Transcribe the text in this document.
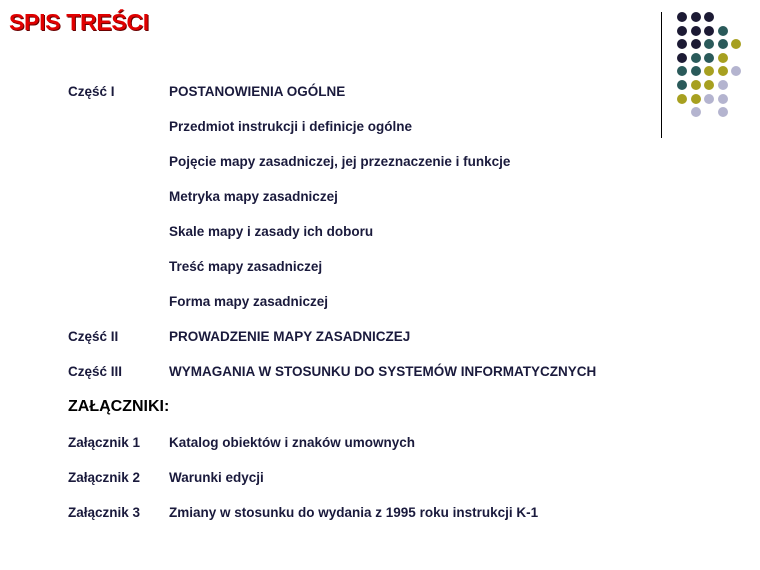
SPIS TREŚCI
Część I	POSTANOWIENIA OGÓLNE
Przedmiot instrukcji i definicje ogólne
Pojęcie mapy zasadniczej, jej przeznaczenie i funkcje
Metryka mapy zasadniczej
Skale mapy i zasady ich doboru
Treść mapy zasadniczej
Forma mapy zasadniczej
Część II	PROWADZENIE MAPY ZASADNICZEJ
Część III	WYMAGANIA W STOSUNKU DO SYSTEMÓW INFORMATYCZNYCH
ZAŁĄCZNIKI:
Załącznik 1 Katalog obiektów i znaków umownych
Załącznik 2 Warunki edycji
Załącznik 3 Zmiany w stosunku do wydania z 1995 roku instrukcji K-1
